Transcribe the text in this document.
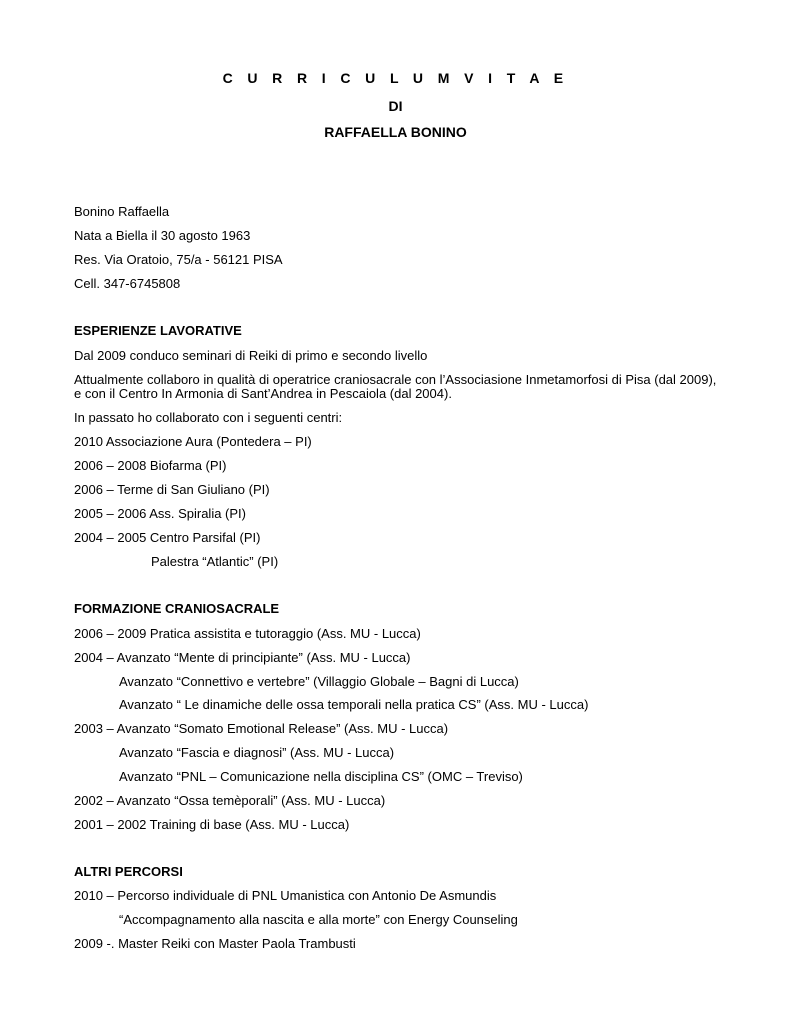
C U R R I C U L U M V I T A E
DI
RAFFAELLA BONINO
Bonino Raffaella
Nata a Biella il 30 agosto 1963
Res. Via Oratoio, 75/a - 56121 PISA
Cell. 347-6745808
ESPERIENZE LAVORATIVE
Dal 2009 conduco seminari di Reiki di primo e secondo livello
Attualmente collaboro in qualità di operatrice craniosacrale con l’Associasione Inmetamorfosi di Pisa (dal 2009),
e con il Centro In Armonia di Sant’Andrea in Pescaiola (dal 2004).
In passato ho collaborato con i seguenti centri:
2010 Associazione Aura (Pontedera – PI)
2006 – 2008 Biofarma (PI)
2006 – Terme di San Giuliano (PI)
2005 – 2006 Ass. Spiralia (PI)
2004 – 2005 Centro Parsifal (PI)
Palestra “Atlantic” (PI)
FORMAZIONE CRANIOSACRALE
2006 – 2009 Pratica assistita e tutoraggio (Ass. MU - Lucca)
2004 – Avanzato “Mente di principiante” (Ass. MU - Lucca)
Avanzato “Connettivo e vertebre” (Villaggio Globale – Bagni di Lucca)
Avanzato “ Le dinamiche delle ossa temporali nella pratica CS” (Ass. MU - Lucca)
2003 – Avanzato “Somato Emotional Release” (Ass. MU - Lucca)
Avanzato “Fascia e diagnosi” (Ass. MU - Lucca)
Avanzato “PNL – Comunicazione nella disciplina CS” (OMC – Treviso)
2002 – Avanzato “Ossa temèporali” (Ass. MU - Lucca)
2001 – 2002 Training di base (Ass. MU - Lucca)
ALTRI PERCORSI
2010 – Percorso individuale di PNL Umanistica con Antonio De Asmundis
“Accompagnamento alla nascita e alla morte” con Energy Counseling
2009 -. Master Reiki con Master Paola Trambusti
